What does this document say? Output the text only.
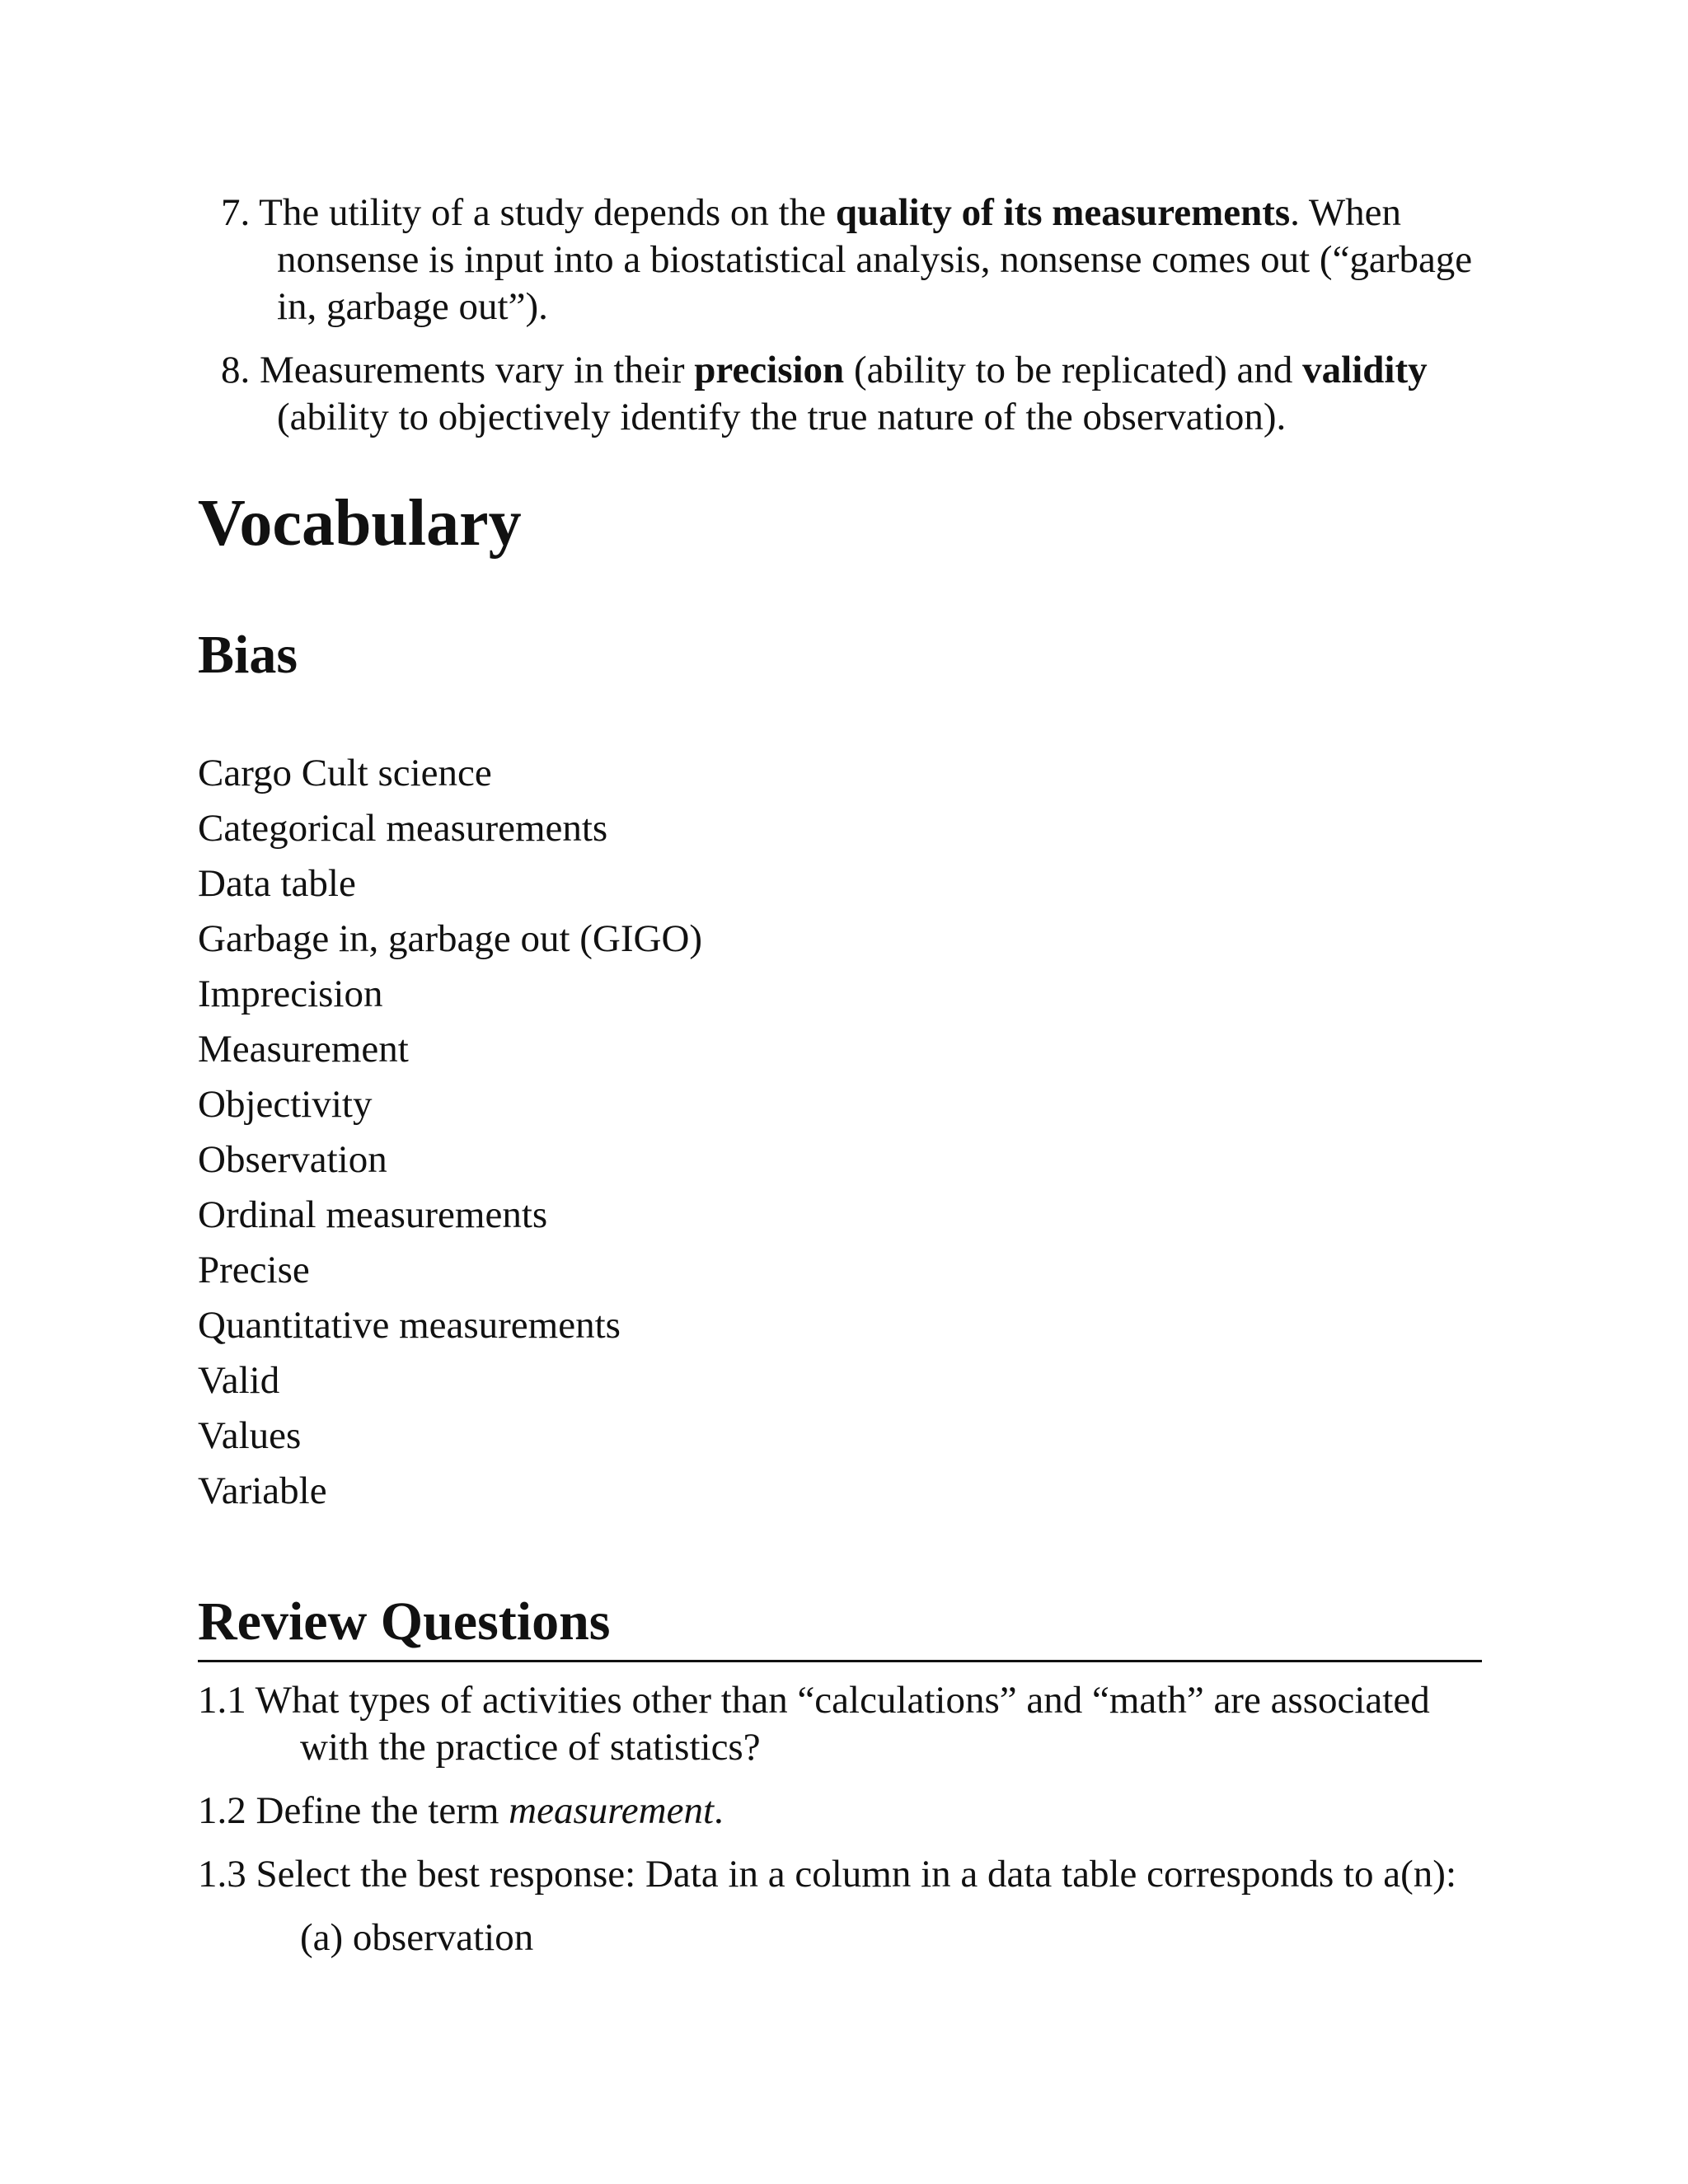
7. The utility of a study depends on the quality of its measurements. When nonsense is input into a biostatistical analysis, nonsense comes out (“garbage in, garbage out”).
8. Measurements vary in their precision (ability to be replicated) and validity (ability to objectively identify the true nature of the observation).
Vocabulary
Bias
Cargo Cult science
Categorical measurements
Data table
Garbage in, garbage out (GIGO)
Imprecision
Measurement
Objectivity
Observation
Ordinal measurements
Precise
Quantitative measurements
Valid
Values
Variable
Review Questions
1.1 What types of activities other than “calculations” and “math” are associated with the practice of statistics?
1.2 Define the term measurement.
1.3 Select the best response: Data in a column in a data table corresponds to a(n):
(a) observation
